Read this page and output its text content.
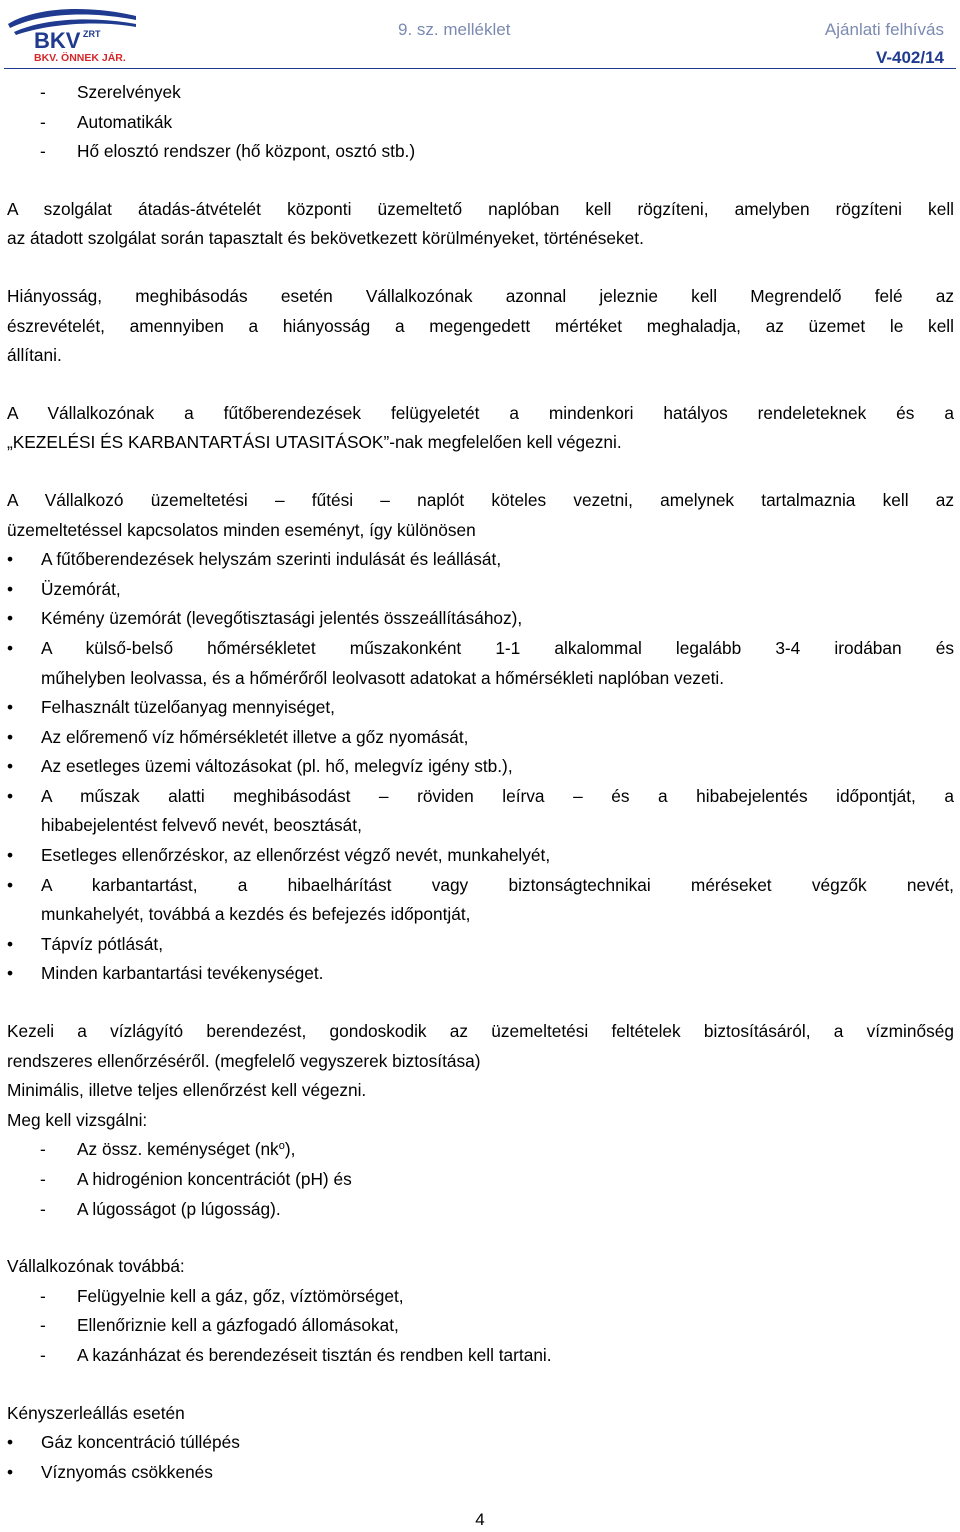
BKV ZRT
BKV. ÖNNEK JÁR.
9. sz. melléklet	Ajánlati felhívás
V-402/14
- Szerelvények
- Automatikák
- Hő elosztó rendszer (hő központ, osztó stb.)
A szolgálat átadás-átvételét központi üzemeltető naplóban kell rögzíteni, amelyben rögzíteni kell
az átadott szolgálat során tapasztalt és bekövetkezett körülményeket, történéseket.
Hiányosság, meghibásodás esetén Vállalkozónak azonnal jeleznie kell Megrendelő felé az
észrevételét, amennyiben a hiányosság a megengedett mértéket meghaladja, az üzemet le kell
állítani.
A Vállalkozónak a fűtőberendezések felügyeletét a mindenkori hatályos rendeleteknek és a
„KEZELÉSI ÉS KARBANTARTÁSI UTASITÁSOK”-nak megfelelően kell végezni.
A Vállalkozó üzemeltetési – fűtési – naplót köteles vezetni, amelynek tartalmaznia kell az
üzemeltetéssel kapcsolatos minden eseményt, így különösen
• A fűtőberendezések helyszám szerinti indulását és leállását,
• Üzemórát,
• Kémény üzemórát (levegőtisztasági jelentés összeállításához),
• A külső-belső hőmérsékletet műszakonként 1-1 alkalommal legalább 3-4 irodában és
műhelyben leolvassa, és a hőmérőről leolvasott adatokat a hőmérsékleti naplóban vezeti.
• Felhasznált tüzelőanyag mennyiséget,
• Az előremenő víz hőmérsékletét illetve a gőz nyomását,
• Az esetleges üzemi változásokat (pl. hő, melegvíz igény stb.),
• A műszak alatti meghibásodást – röviden leírva – és a hibabejelentés időpontját, a
hibabejelentést felvevő nevét, beosztását,
• Esetleges ellenőrzéskor, az ellenőrzést végző nevét, munkahelyét,
• A karbantartást, a hibaelhárítást vagy biztonságtechnikai méréseket végzők nevét,
munkahelyét, továbbá a kezdés és befejezés időpontját,
• Tápvíz pótlását,
• Minden karbantartási tevékenységet.
Kezeli a vízlágyító berendezést, gondoskodik az üzemeltetési feltételek biztosításáról, a vízminőség
rendszeres ellenőrzéséről. (megfelelő vegyszerek biztosítása)
Minimális, illetve teljes ellenőrzést kell végezni.
Meg kell vizsgálni:
- Az össz. keménységet $(nk^o)$,
- A hidrogénion koncentrációt (pH) és
- A lúgosságot (p lúgosság).
Vállalkozónak továbbá:
- Felügyelnie kell a gáz, gőz, víztömörséget,
- Ellenőriznie kell a gázfogadó állomásokat,
- A kazánházat és berendezéseit tisztán és rendben kell tartani.
Kényszerleállás esetén
• Gáz koncentráció túllépés
• Víznyomás csökkenés
4
